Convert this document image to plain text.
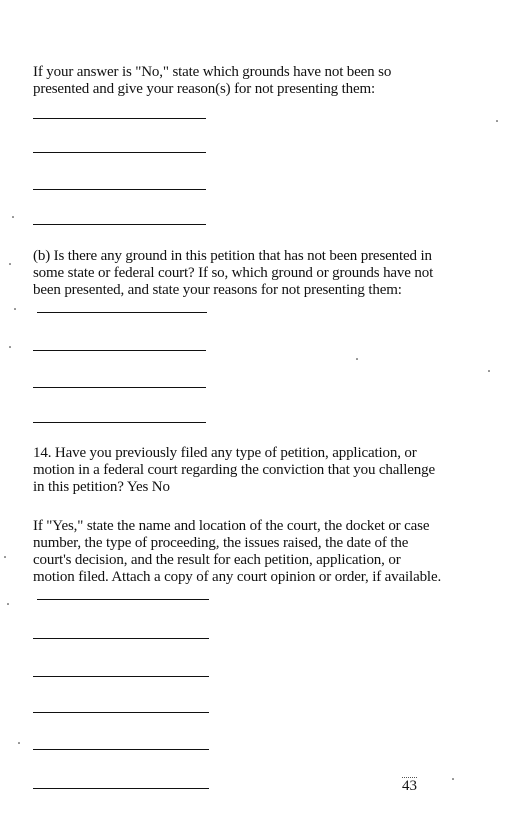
If your answer is "No," state which grounds have not been so presented and give your reason(s) for not presenting them:
(b) Is there any ground in this petition that has not been presented in some state or federal court? If so, which ground or grounds have not been presented, and state your reasons for not presenting them:
14. Have you previously filed any type of petition, application, or motion in a federal court regarding the conviction that you challenge in this petition? Yes No
If "Yes," state the name and location of the court, the docket or case number, the type of proceeding, the issues raised, the date of the court's decision, and the result for each petition, application, or motion filed. Attach a copy of any court opinion or order, if available.
43
